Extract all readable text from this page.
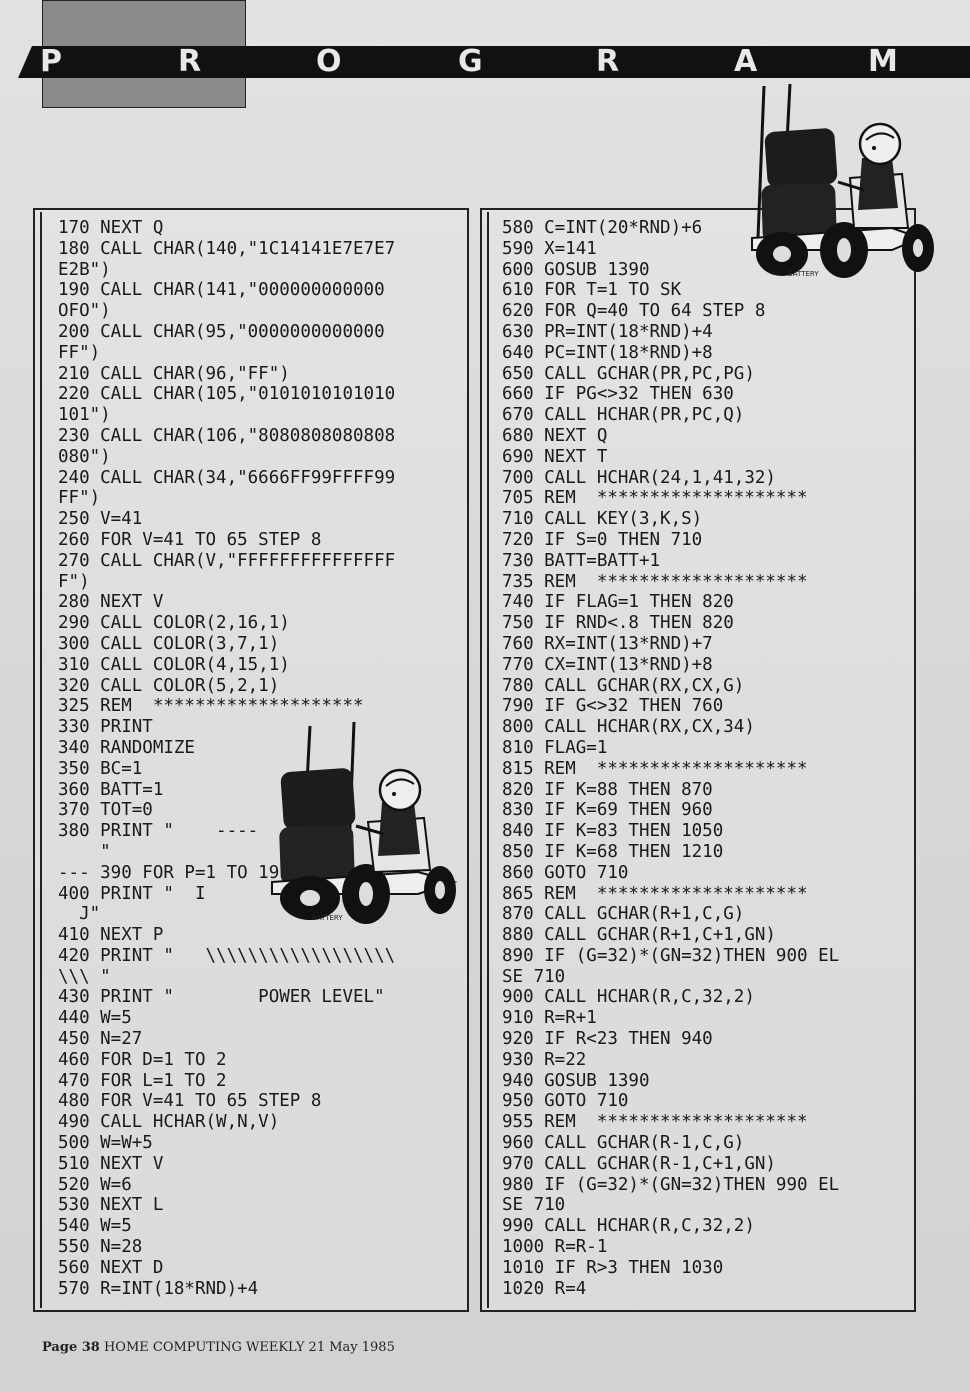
P	R	O	G	R	A	M
170 NEXT Q
180 CALL CHAR(140,"1C14141E7E7E7
E2B")
190 CALL CHAR(141,"000000000000
OFO")
200 CALL CHAR(95,"0000000000000
FF")
210 CALL CHAR(96,"FF")
220 CALL CHAR(105,"0101010101010
101")
230 CALL CHAR(106,"8080808080808
080")
240 CALL CHAR(34,"6666FF99FFFF99
FF")
250 V=41
260 FOR V=41 TO 65 STEP 8
270 CALL CHAR(V,"FFFFFFFFFFFFFFF
F")
280 NEXT V
290 CALL COLOR(2,16,1)
300 CALL COLOR(3,7,1)
310 CALL COLOR(4,15,1)
320 CALL COLOR(5,2,1)
325 REM  ********************
330 PRINT
340 RANDOMIZE
350 BC=1
360 BATT=1
370 TOT=0
380 PRINT "    ----
"
--- 390 FOR P=1 TO 19
400 PRINT "  I
J"
410 NEXT P
420 PRINT "   \\\\\\\\\\\\\\\\\\
\\\ "
430 PRINT "        POWER LEVEL"
440 W=5
450 N=27
460 FOR D=1 TO 2
470 FOR L=1 TO 2
480 FOR V=41 TO 65 STEP 8
490 CALL HCHAR(W,N,V)
500 W=W+5
510 NEXT V
520 W=6
530 NEXT L
540 W=5
550 N=28
560 NEXT D
570 R=INT(18*RND)+4
580 C=INT(20*RND)+6
590 X=141
600 GOSUB 1390
610 FOR T=1 TO SK
620 FOR Q=40 TO 64 STEP 8
630 PR=INT(18*RND)+4
640 PC=INT(18*RND)+8
650 CALL GCHAR(PR,PC,PG)
660 IF PG<>32 THEN 630
670 CALL HCHAR(PR,PC,Q)
680 NEXT Q
690 NEXT T
700 CALL HCHAR(24,1,41,32)
705 REM  ********************
710 CALL KEY(3,K,S)
720 IF S=0 THEN 710
730 BATT=BATT+1
735 REM  ********************
740 IF FLAG=1 THEN 820
750 IF RND<.8 THEN 820
760 RX=INT(13*RND)+7
770 CX=INT(13*RND)+8
780 CALL GCHAR(RX,CX,G)
790 IF G<>32 THEN 760
800 CALL HCHAR(RX,CX,34)
810 FLAG=1
815 REM  ********************
820 IF K=88 THEN 870
830 IF K=69 THEN 960
840 IF K=83 THEN 1050
850 IF K=68 THEN 1210
860 GOTO 710
865 REM  ********************
870 CALL GCHAR(R+1,C,G)
880 CALL GCHAR(R+1,C+1,GN)
890 IF (G=32)*(GN=32)THEN 900 EL
SE 710
900 CALL HCHAR(R,C,32,2)
910 R=R+1
920 IF R<23 THEN 940
930 R=22
940 GOSUB 1390
950 GOTO 710
955 REM  ********************
960 CALL GCHAR(R-1,C,G)
970 CALL GCHAR(R-1,C+1,GN)
980 IF (G=32)*(GN=32)THEN 990 EL
SE 710
990 CALL HCHAR(R,C,32,2)
1000 R=R-1
1010 IF R>3 THEN 1030
1020 R=4
BATTERY
BATTERY
Page 38 HOME COMPUTING WEEKLY 21 May 1985
